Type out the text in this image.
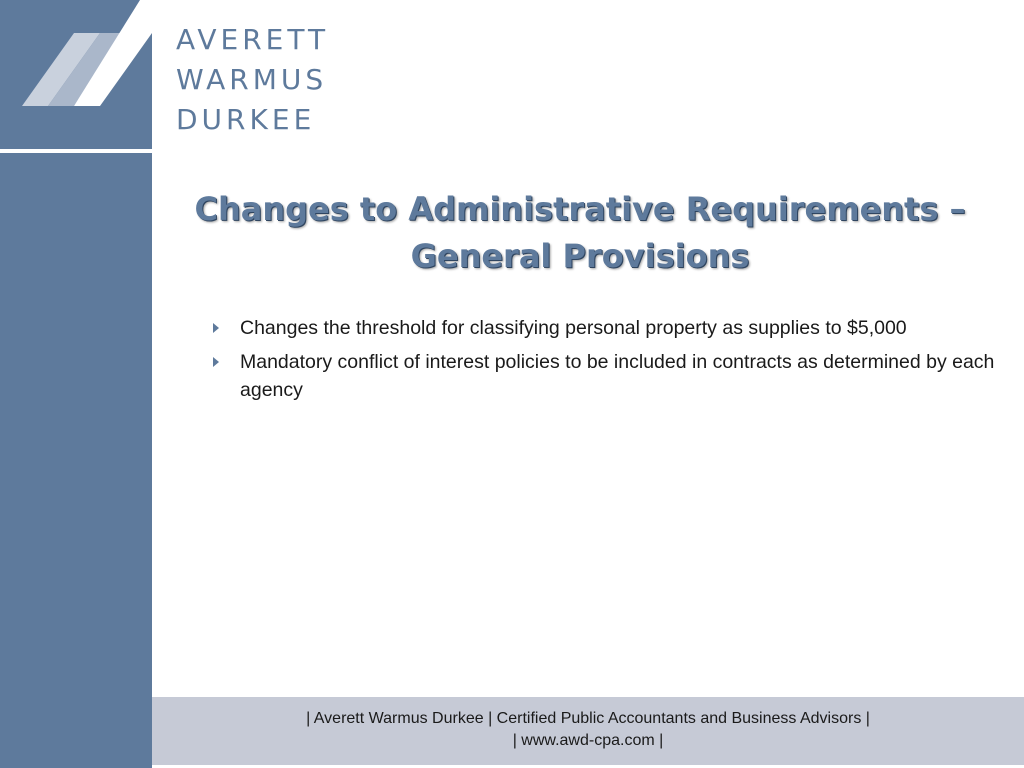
AVERETT
WARMUS
DURKEE
Changes to Administrative Requirements –
General Provisions
Changes the threshold for classifying personal property as supplies to $5,000
Mandatory conflict of interest policies to be included in contracts as determined by each agency
| Averett Warmus Durkee | Certified Public Accountants and Business Advisors |
| www.awd-cpa.com |
